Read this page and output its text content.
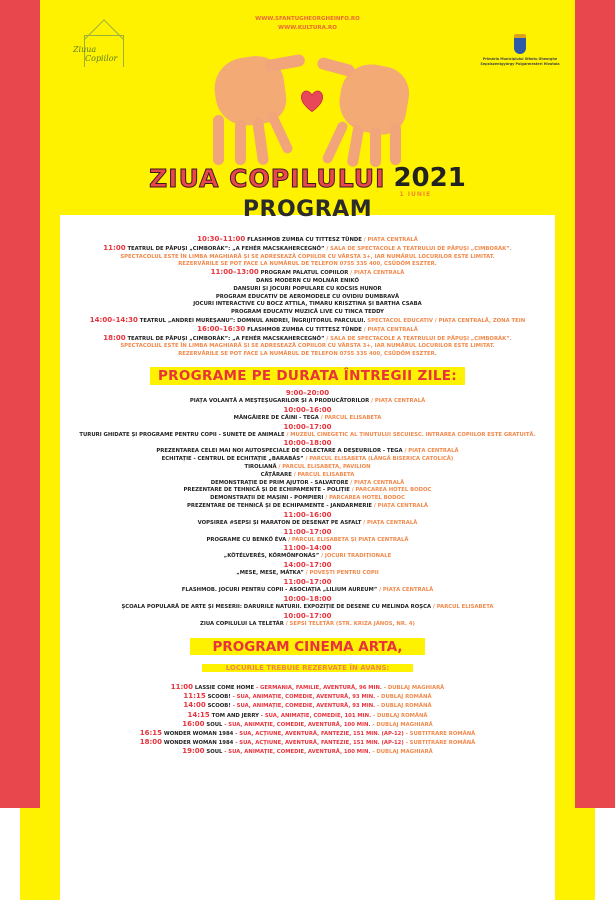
WWW.SFANTUGHEORGHEINFO.RO
WWW.KULTURA.RO
Ziuua
Copiilor	Primăria Municipiului Sfântu Gheorghe
Sepsiszentgyörgy Polgármesteri Hivatala
ZIUA COPILULUI 2021
1 IUNIE
PROGRAM
10:30–11:00 FLASHMOB ZUMBA CU TITTESZ TÜNDE / PIAȚA CENTRALĂ
11:00 TEATRUL DE PĂPUȘI „CIMBORÁK”: „A FEHÉR MACSKAHERCEGNŐ” / SALA DE SPECTACOLE A TEATRULUI DE PĂPUȘI „CIMBORÁK”.
SPECTACOLUL ESTE ÎN LIMBA MAGHIARĂ ȘI SE ADRESEAZĂ COPIILOR CU VÂRSTA 3+, IAR NUMĂRUL LOCURILOR ESTE LIMITAT.
REZERVĂRILE SE POT FACE LA NUMĂRUL DE TELEFON 0755 335 400, CSÜDÖM ESZTER.
11:00–13:00 PROGRAM PALATUL COPIILOR / PIAȚA CENTRALĂ
DANS MODERN CU MOLNÁR ENIKŐ
DANSURI ȘI JOCURI POPULARE CU KOCSIS HUNOR
PROGRAM EDUCATIV DE AEROMODELE CU OVIDIU DUMBRAVĂ
JOCURI INTERACTIVE CU BOCZ ATTILA, TIMARU KRISZTINA ȘI BARTHA CSABA
PROGRAM EDUCATIV MUZICĂ LIVE CU TINCA TEDDY
14:00–14:30 TEATRUL „ANDREI MUREȘANU”: DOMNUL ANDREI, ÎNGRIJITORUL PARCULUI. SPECTACOL EDUCATIV / PIAȚA CENTRALĂ, ZONA TEIN
16:00–16:30 FLASHMOB ZUMBA CU TITTESZ TÜNDE / PIAȚA CENTRALĂ
18:00 TEATRUL DE PĂPUȘI „CIMBORÁK”: „A FEHÉR MACSKAHERCEGNŐ” / SALA DE SPECTACOLE A TEATRULUI DE PĂPUȘI „CIMBORÁK”.
SPECTACOLUL ESTE ÎN LIMBA MAGHIARĂ ȘI SE ADRESEAZĂ COPIILOR CU VÂRSTA 3+, IAR NUMĂRUL LOCURILOR ESTE LIMITAT.
REZERVĂRILE SE POT FACE LA NUMĂRUL DE TELEFON 0755 335 400, CSÜDÖM ESZTER.
PROGRAME PE DURATA ÎNTREGII ZILE:
9:00–20:00
PIAȚA VOLANTĂ A MEȘTEȘUGARILOR ȘI A PRODUCĂTORILOR / PIAȚA CENTRALĂ
10:00–16:00
MÂNGÂIERE DE CÂINI - TEGA / PARCUL ELISABETA
10:00–17:00
TURURI GHIDATE ȘI PROGRAME PENTRU COPII - SUNETE DE ANIMALE / MUZEUL CINEGETIC AL ȚINUTULUI SECUIESC. INTRAREA COPIILOR ESTE GRATUITĂ.
10:00–18:00
PREZENTAREA CELEI MAI NOI AUTOSPECIALE DE COLECTARE A DEȘEURILOR - TEGA / PIAȚA CENTRALĂ
ECHITAȚIE - CENTRUL DE ECHITAȚIE „BARABÁS” / PARCUL ELISABETA (LÂNGĂ BISERICA CATOLICĂ)
TIROLIANĂ / PARCUL ELISABETA, PAVILION
CĂȚĂRARE / PARCUL ELISABETA
DEMONSTRAȚIE DE PRIM AJUTOR - SALVATORE / PIAȚA CENTRALĂ
PREZENTARE DE TEHNICĂ ȘI DE ECHIPAMENTE - POLIȚIE / PARCAREA HOTEL BODOC
DEMONSTRAȚII DE MAȘINI - POMPIERI / PARCAREA HOTEL BODOC
PREZENTARE DE TEHNICĂ ȘI DE ECHIPAMENTE - JANDARMERIE / PIAȚA CENTRALĂ
11:00–16:00
VOPSIREA #SEPSI ȘI MARATON DE DESENAT PE ASFALT / PIAȚA CENTRALĂ
11:00–17:00
PROGRAME CU BENKŐ ÉVA / PARCUL ELISABETA ȘI PIAȚA CENTRALĂ
11:00–14:00
„KÖTÉLVERÉS, KÖRMÖNFONÁS” / JOCURI TRADIȚIONALE
14:00–17:00
„MESE, MESE, MÁTKA” / POVEȘTI PENTRU COPII
11:00–17:00
FLASHMOB. JOCURI PENTRU COPII - ASOCIAȚIA „LILIUM AUREUM” / PIAȚA CENTRALĂ
10:00–18:00
ȘCOALA POPULARĂ DE ARTE ȘI MESERII: DARURILE NATURII. EXPOZIȚIE DE DESENE CU MELINDA ROȘCA / PARCUL ELISABETA
10:00–17:00
ZIUA COPILULUI LA TELETÁR / SEPSI TELETÁR (STR. KRIZA JÁNOS, NR. 4)
PROGRAM CINEMA ARTA,
LOCURILE TREBUIE REZERVATE ÎN AVANS:
11:00 LASSIE COME HOME - GERMANIA, FAMILIE, AVENTURĂ, 96 MIN. - DUBLAJ MAGHIARĂ
11:15 SCOOB! - SUA, ANIMAȚIE, COMEDIE, AVENTURĂ, 93 MIN. - DUBLAJ ROMÂNĂ
14:00 SCOOB! - SUA, ANIMAȚIE, COMEDIE, AVENTURĂ, 93 MIN. - DUBLAJ ROMÂNĂ
14:15 TOM AND JERRY - SUA, ANIMAȚIE, COMEDIE, 101 MIN. - DUBLAJ ROMÂNĂ
16:00 SOUL - SUA, ANIMAȚIE, COMEDIE, AVENTURĂ, 100 MIN. - DUBLAJ MAGHIARĂ
16:15 WONDER WOMAN 1984 - SUA, ACȚIUNE, AVENTURĂ, FANTEZIE, 151 MIN. (AP-12) - SUBTITRARE ROMÂNĂ
18:00 WONDER WOMAN 1984 - SUA, ACȚIUNE, AVENTURĂ, FANTEZIE, 151 MIN. (AP-12) - SUBTITRARE ROMÂNĂ
19:00 SOUL - SUA, ANIMAȚIE, COMEDIE, AVENTURĂ, 100 MIN. - DUBLAJ MAGHIARĂ
